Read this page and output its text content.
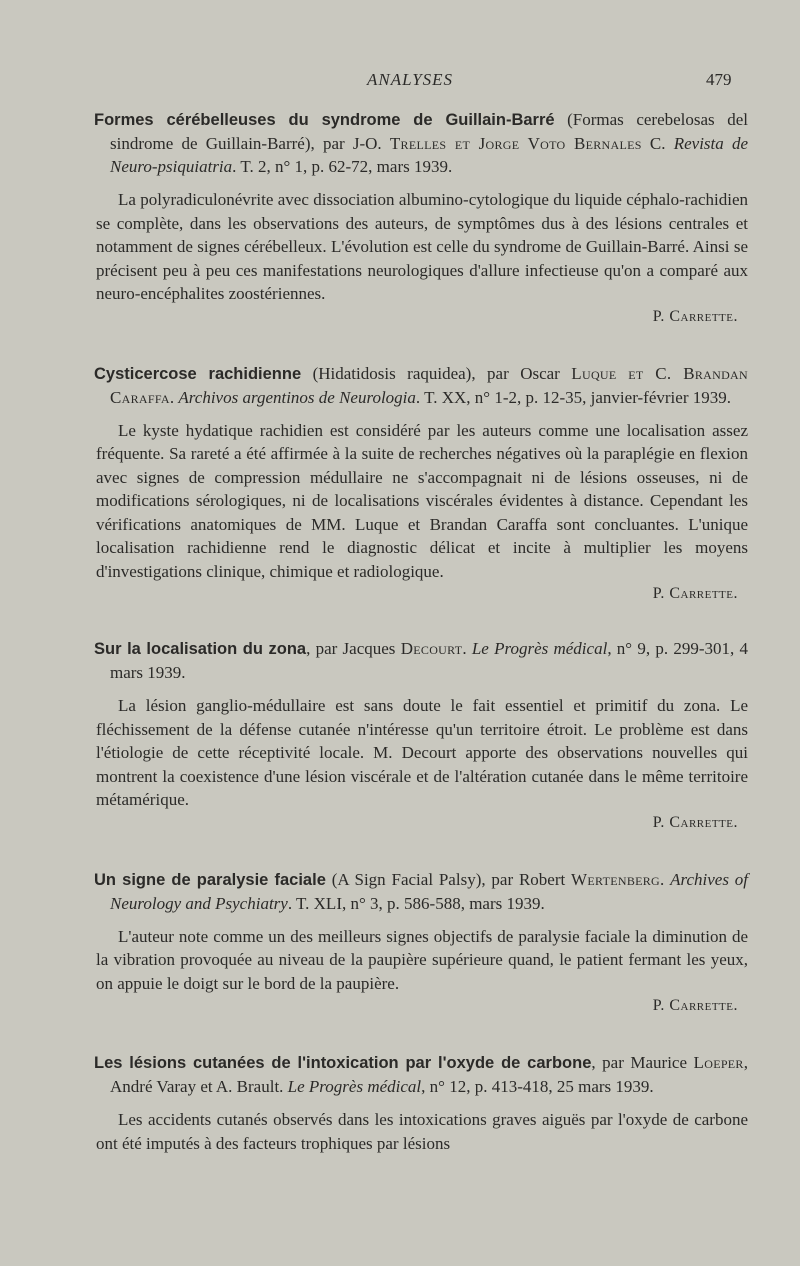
ANALYSES	479

Formes cérébelleuses du syndrome de Guillain-Barré (Formas cerebelosas del sindrome de Guillain-Barré), par J-O. Trelles et Jorge Voto Bernales C. Revista de Neuro-psiquiatria. T. 2, n° 1, p. 62-72, mars 1939.

La polyradiculonévrite avec dissociation albumino-cytologique du liquide céphalo-rachidien se complète, dans les observations des auteurs, de symptômes dus à des lésions centrales et notamment de signes cérébelleux. L'évolution est celle du syndrome de Guillain-Barré. Ainsi se précisent peu à peu ces manifestations neurologiques d'allure infectieuse qu'on a comparé aux neuro-encéphalites zoostériennes.

P. Carrette.

Cysticercose rachidienne (Hidatidosis raquidea), par Oscar Luque et C. Brandan Caraffa. Archivos argentinos de Neurologia. T. XX, n° 1-2, p. 12-35, janvier-février 1939.

Le kyste hydatique rachidien est considéré par les auteurs comme une localisation assez fréquente. Sa rareté a été affirmée à la suite de recherches négatives où la paraplégie en flexion avec signes de compression médullaire ne s'accompagnait ni de lésions osseuses, ni de modifications sérologiques, ni de localisations viscérales évidentes à distance. Cependant les vérifications anatomiques de MM. Luque et Brandan Caraffa sont concluantes. L'unique localisation rachidienne rend le diagnostic délicat et incite à multiplier les moyens d'investigations clinique, chimique et radiologique.

P. Carrette.

Sur la localisation du zona, par Jacques Decourt. Le Progrès médical, n° 9, p. 299-301, 4 mars 1939.

La lésion ganglio-médullaire est sans doute le fait essentiel et primitif du zona. Le fléchissement de la défense cutanée n'intéresse qu'un territoire étroit. Le problème est dans l'étiologie de cette réceptivité locale. M. Decourt apporte des observations nouvelles qui montrent la coexistence d'une lésion viscérale et de l'altération cutanée dans le même territoire métamérique.

P. Carrette.

Un signe de paralysie faciale (A Sign Facial Palsy), par Robert Wertenberg. Archives of Neurology and Psychiatry. T. XLI, n° 3, p. 586-588, mars 1939.

L'auteur note comme un des meilleurs signes objectifs de paralysie faciale la diminution de la vibration provoquée au niveau de la paupière supérieure quand, le patient fermant les yeux, on appuie le doigt sur le bord de la paupière.

P. Carrette.

Les lésions cutanées de l'intoxication par l'oxyde de carbone, par Maurice Loeper, André Varay et A. Brault. Le Progrès médical, n° 12, p. 413-418, 25 mars 1939.

Les accidents cutanés observés dans les intoxications graves aiguës par l'oxyde de carbone ont été imputés à des facteurs trophiques par lésions
